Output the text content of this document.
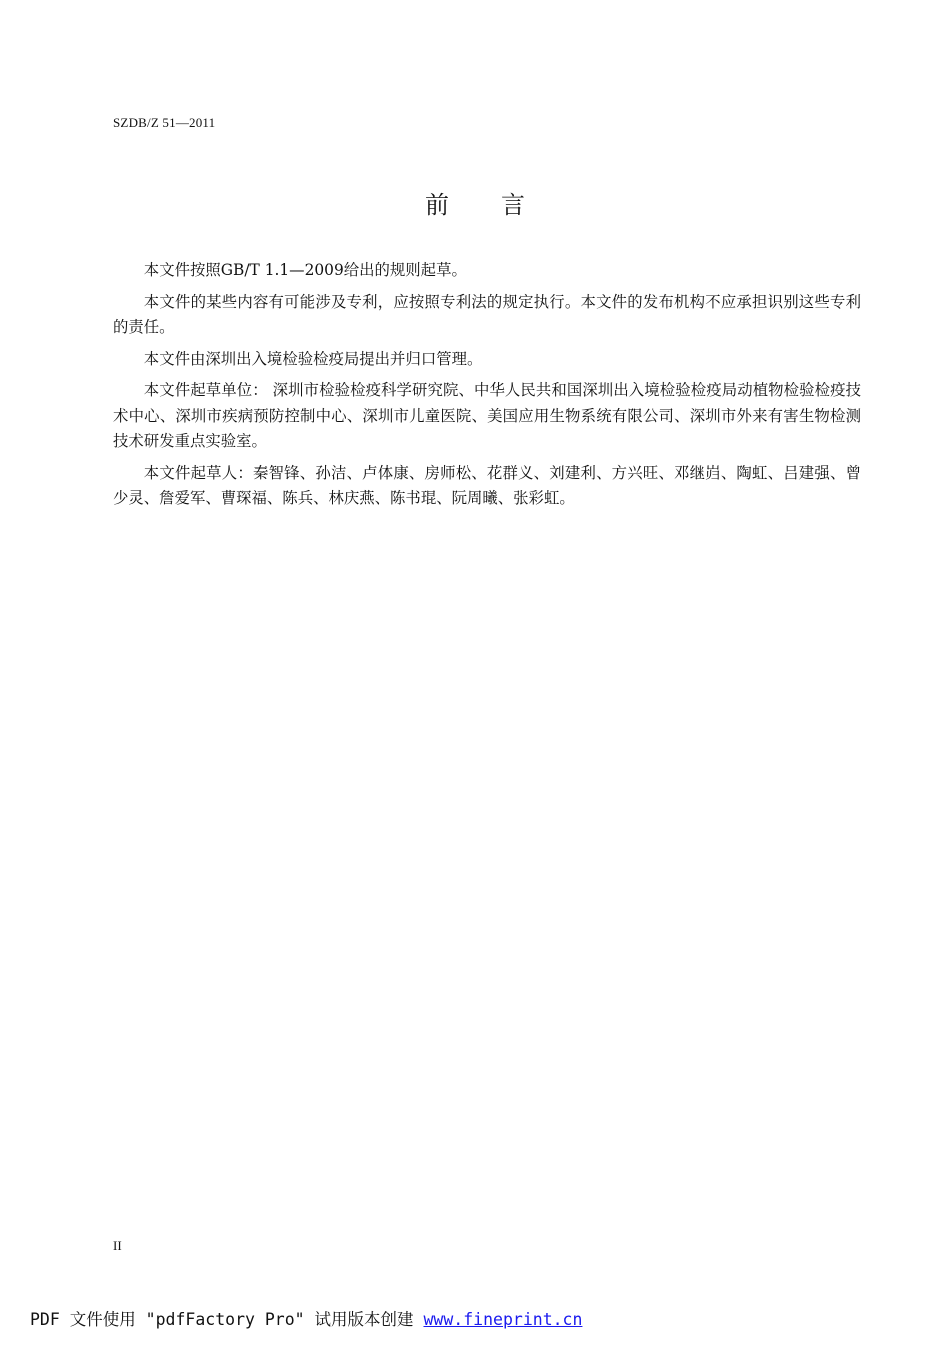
SZDB/Z 51—2011
前言

本文件按照GB/T 1.1—2009给出的规则起草。

本文件的某些内容有可能涉及专利，应按照专利法的规定执行。本文件的发布机构不应承担识别这些专利的责任。

本文件由深圳出入境检验检疫局提出并归口管理。

本文件起草单位： 深圳市检验检疫科学研究院、中华人民共和国深圳出入境检验检疫局动植物检验检疫技术中心、深圳市疾病预防控制中心、深圳市儿童医院、美国应用生物系统有限公司、深圳市外来有害生物检测技术研发重点实验室。

本文件起草人：秦智锋、孙洁、卢体康、房师松、花群义、刘建利、方兴旺、邓继岿、陶虹、吕建强、曾少灵、詹爱军、曹琛福、陈兵、林庆燕、陈书琨、阮周曦、张彩虹。

II
PDF 文件使用 "pdfFactory Pro" 试用版本创建 www.fineprint.cn
